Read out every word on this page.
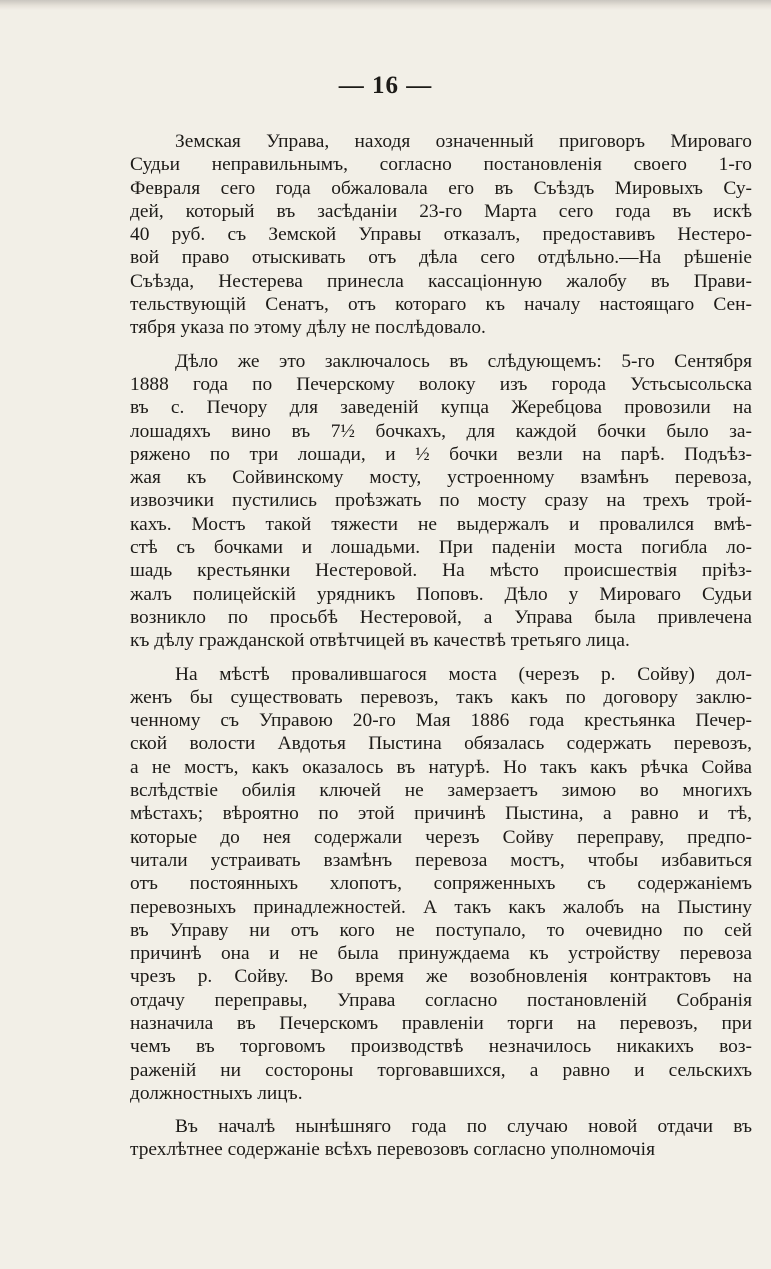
— 16 —
Земская Управа, находя означенный приговоръ Мироваго
Судьи неправильнымъ, согласно постановленія своего 1-го
Февраля сего года обжаловала его въ Съѣздъ Мировыхъ Су-
дей, который въ засѣданіи 23-го Марта сего года въ искѣ
40 руб. съ Земской Управы отказалъ, предоставивъ Нестеро-
вой право отыскивать отъ дѣла сего отдѣльно.—На рѣшеніе
Съѣзда, Нестерева принесла кассаціонную жалобу въ Прави-
тельствующій Сенатъ, отъ котораго къ началу настоящаго Сен-
тября указа по этому дѣлу не послѣдовало.
Дѣло же это заключалось въ слѣдующемъ: 5-го Сентября
1888 года по Печерскому волоку изъ города Устьсысольска
въ с. Печору для заведеній купца Жеребцова провозили на
лошадяхъ вино въ 7½ бочкахъ, для каждой бочки было за-
ряжено по три лошади, и ½ бочки везли на парѣ. Подъѣз-
жая къ Сойвинскому мосту, устроенному взамѣнъ перевоза,
извозчики пустились проѣзжать по мосту сразу на трехъ трой-
кахъ. Мостъ такой тяжести не выдержалъ и провалился вмѣ-
стѣ съ бочками и лошадьми. При паденіи моста погибла ло-
шадь крестьянки Нестеровой. На мѣсто происшествія пріѣз-
жалъ полицейскій урядникъ Поповъ. Дѣло у Мироваго Судьи
возникло по просьбѣ Нестеровой, а Управа была привлечена
къ дѣлу гражданской отвѣтчицей въ качествѣ третьяго лица.
На мѣстѣ провалившагося моста (черезъ р. Сойву) дол-
женъ бы существовать перевозъ, такъ какъ по договору заклю-
ченному съ Управою 20-го Мая 1886 года крестьянка Печер-
ской волости Авдотья Пыстина обязалась содержать перевозъ,
а не мостъ, какъ оказалось въ натурѣ. Но такъ какъ рѣчка Сойва
вслѣдствіе обилія ключей не замерзаетъ зимою во многихъ
мѣстахъ; вѣроятно по этой причинѣ Пыстина, а равно и тѣ,
которые до нея содержали черезъ Сойву переправу, предпо-
читали устраивать взамѣнъ перевоза мостъ, чтобы избавиться
отъ постоянныхъ хлопотъ, сопряженныхъ съ содержаніемъ
перевозныхъ принадлежностей. А такъ какъ жалобъ на Пыстину
въ Управу ни отъ кого не поступало, то очевидно по сей
причинѣ она и не была принуждаема къ устройству перевоза
чрезъ р. Сойву. Во время же возобновленія контрактовъ на
отдачу переправы, Управа согласно постановленій Собранія
назначила въ Печерскомъ правленіи торги на перевозъ, при
чемъ въ торговомъ производствѣ незначилось никакихъ воз-
раженій ни состороны торговавшихся, а равно и сельскихъ
должностныхъ лицъ.
Въ началѣ нынѣшняго года по случаю новой отдачи въ
трехлѣтнее содержаніе всѣхъ перевозовъ согласно уполномочія
